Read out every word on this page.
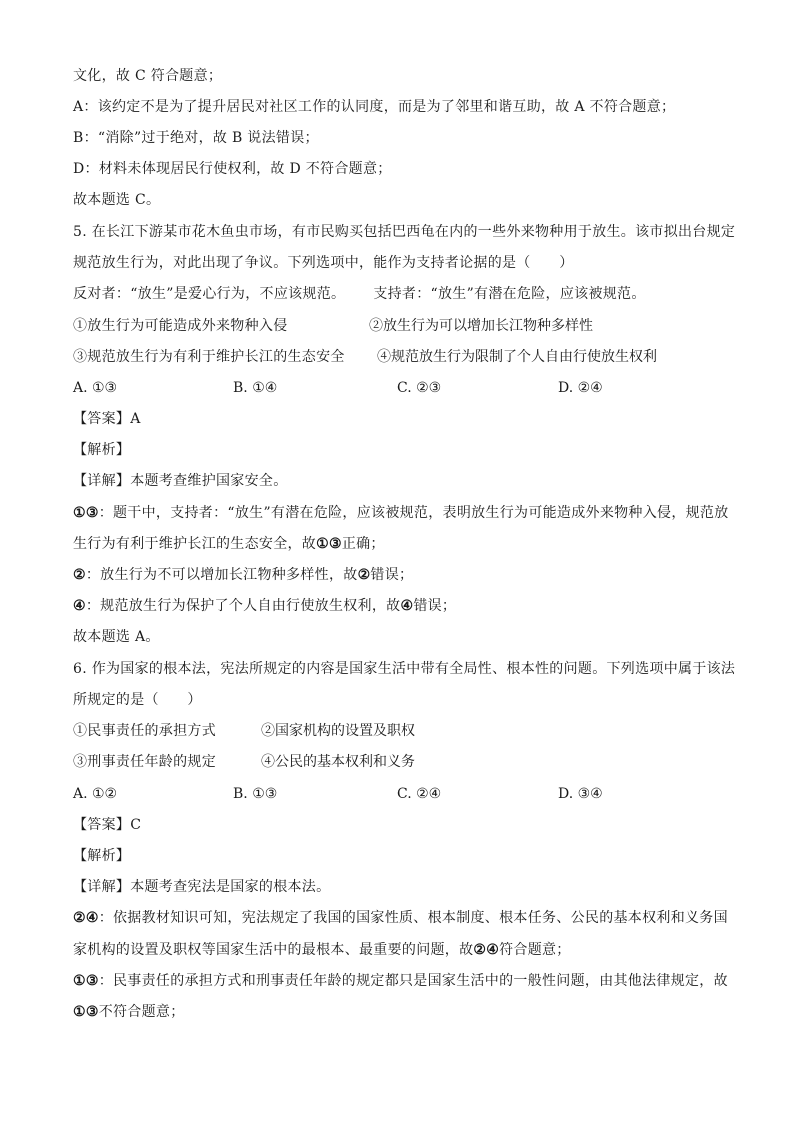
文化，故 C 符合题意；
A：该约定不是为了提升居民对社区工作的认同度，而是为了邻里和谐互助，故 A 不符合题意；
B：“消除”过于绝对，故 B 说法错误；
D：材料未体现居民行使权利，故 D 不符合题意；
故本题选 C。
5. 在长江下游某市花木鱼虫市场，有市民购买包括巴西龟在内的一些外来物种用于放生。该市拟出台规定
规范放生行为，对此出现了争议。下列选项中，能作为支持者论据的是（　　）
反对者：“放生”是爱心行为，不应该规范。 支持者：“放生”有潜在危险，应该被规范。
①放生行为可能造成外来物种入侵	②放生行为可以增加长江物种多样性
③规范放生行为有利于维护长江的生态安全 ④规范放生行为限制了个人自由行使放生权利
A. ①③	B. ①④	C. ②③	D. ②④
【答案】A
【解析】
【详解】本题考查维护国家安全。
①③：题干中，支持者：“放生”有潜在危险，应该被规范，表明放生行为可能造成外来物种入侵，规范放
生行为有利于维护长江的生态安全，故①③正确；
②：放生行为不可以增加长江物种多样性，故②错误；
④：规范放生行为保护了个人自由行使放生权利，故④错误；
故本题选 A。
6. 作为国家的根本法，宪法所规定的内容是国家生活中带有全局性、根本性的问题。下列选项中属于该法
所规定的是（　　）
①民事责任的承担方式	②国家机构的设置及职权
③刑事责任年龄的规定	④公民的基本权利和义务
A. ①②	B. ①③	C. ②④	D. ③④
【答案】C
【解析】
【详解】本题考查宪法是国家的根本法。
②④：依据教材知识可知，宪法规定了我国的国家性质、根本制度、根本任务、公民的基本权利和义务国
家机构的设置及职权等国家生活中的最根本、最重要的问题，故②④符合题意；
①③：民事责任的承担方式和刑事责任年龄的规定都只是国家生活中的一般性问题，由其他法律规定，故
①③不符合题意；
